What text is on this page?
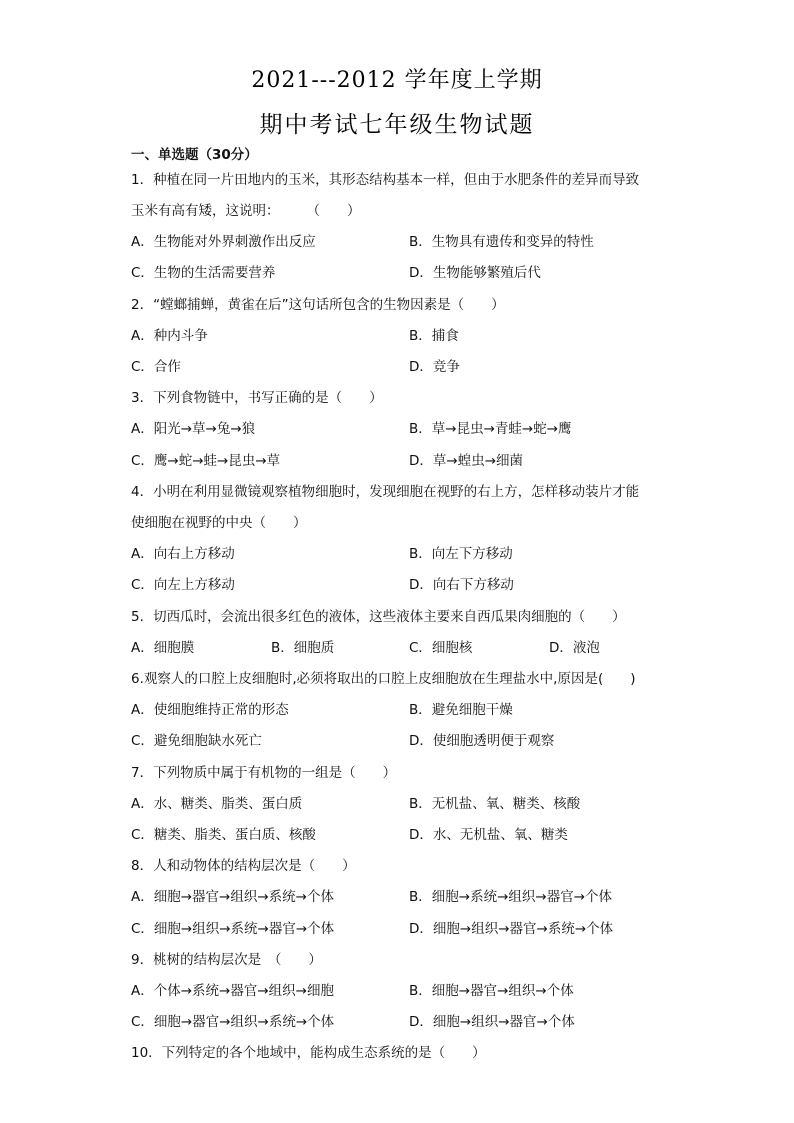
2021---2012 学年度上学期
期中考试七年级生物试题
一、单选题（30分）
1．种植在同一片田地内的玉米，其形态结构基本一样，但由于水肥条件的差异而导致
玉米有高有矮，这说明：　　　（　　）
A．生物能对外界刺激作出反应	B．生物具有遗传和变异的特性
C．生物的生活需要营养	D．生物能够繁殖后代
2．“螳螂捕蝉，黄雀在后”这句话所包含的生物因素是（　　）
A．种内斗争	B．捕食
C．合作	D．竞争
3．下列食物链中，书写正确的是（　　）
A．阳光→草→兔→狼	B．草→昆虫→青蛙→蛇→鹰
C．鹰→蛇→蛙→昆虫→草	D．草→蝗虫→细菌
4．小明在利用显微镜观察植物细胞时，发现细胞在视野的右上方，怎样移动装片才能
使细胞在视野的中央（　　）
A．向右上方移动	B．向左下方移动
C．向左上方移动	D．向右下方移动
5．切西瓜时，会流出很多红色的液体，这些液体主要来自西瓜果肉细胞的（　　）
A．细胞膜	B．细胞质	C．细胞核	D．液泡
6.观察人的口腔上皮细胞时,必须将取出的口腔上皮细胞放在生理盐水中,原因是(　　)
A．使细胞维持正常的形态	B．避免细胞干燥
C．避免细胞缺水死亡	D．使细胞透明便于观察
7．下列物质中属于有机物的一组是（　　）
A．水、糖类、脂类、蛋白质	B．无机盐、氧、糖类、核酸
C．糖类、脂类、蛋白质、核酸	D．水、无机盐、氧、糖类
8．人和动物体的结构层次是（　　）
A．细胞→器官→组织→系统→个体	B．细胞→系统→组织→器官→个体
C．细胞→组织→系统→器官→个体	D．细胞→组织→器官→系统→个体
9．桃树的结构层次是　（　　）
A．个体→系统→器官→组织→细胞	B．细胞→器官→组织→个体
C．细胞→器官→组织→系统→个体	D．细胞→组织→器官→个体
10．下列特定的各个地域中，能构成生态系统的是（　　）
